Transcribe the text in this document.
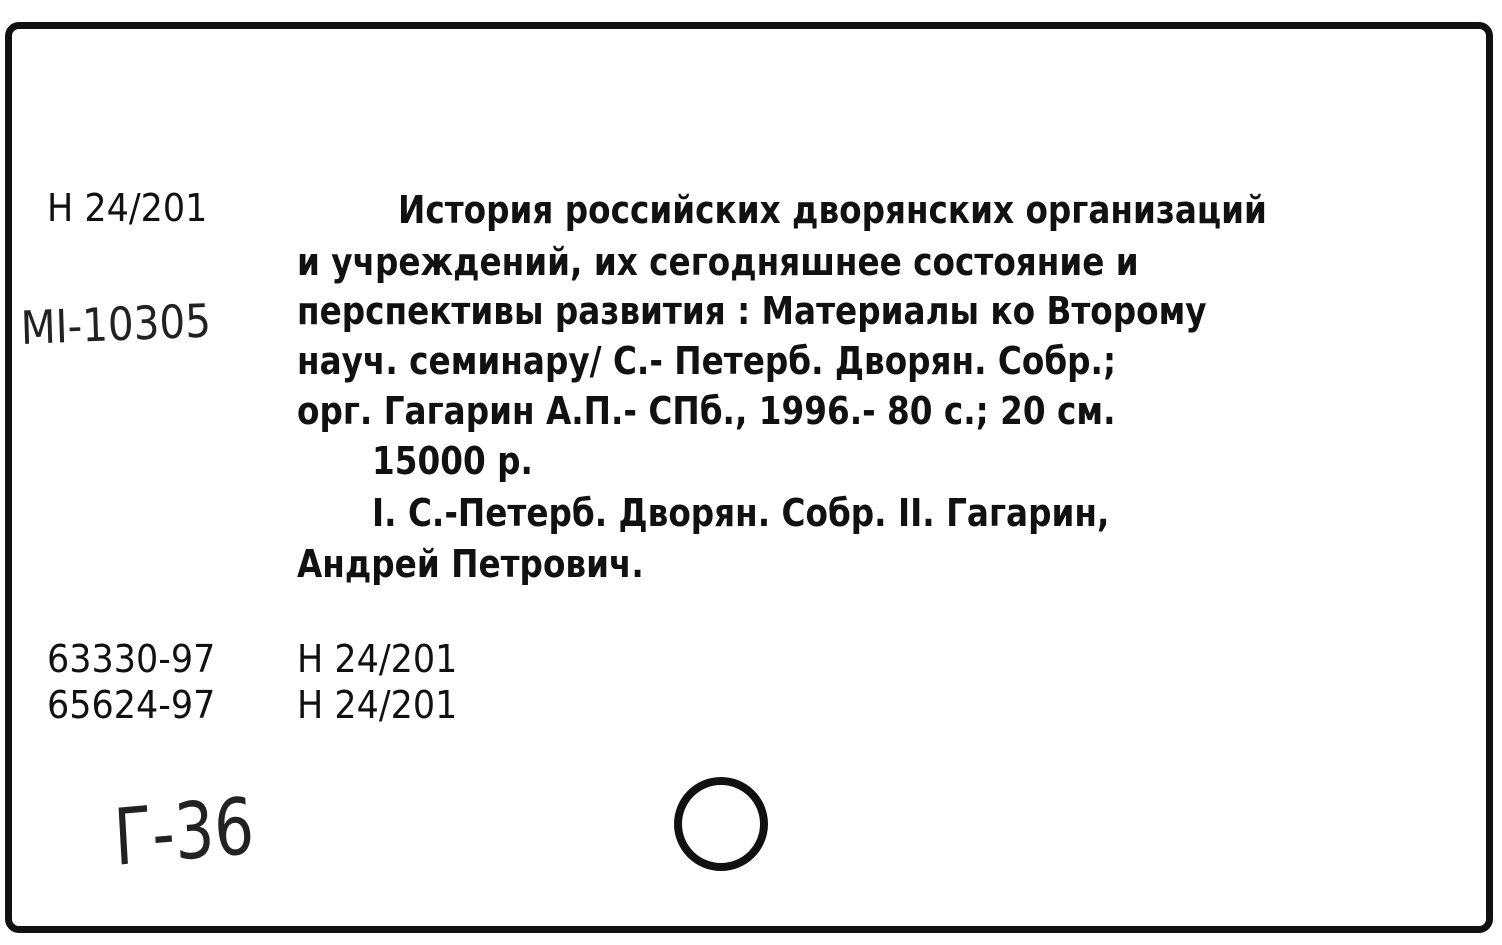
Н 24/201
MI-10305
История российских дворянских организаций
и учреждений, их сегодняшнее состояние и
перспективы развития : Материалы ко Второму
науч. семинару/ С.- Петерб. Дворян. Собр.;
орг. Гагарин А.П.- СПб., 1996.- 80 с.; 20 см.
15000 р.
I. С.-Петерб. Дворян. Собр. II. Гагарин,
Андрей Петрович.
63330-97 Н 24/201
65624-97 Н 24/201
Г-36
